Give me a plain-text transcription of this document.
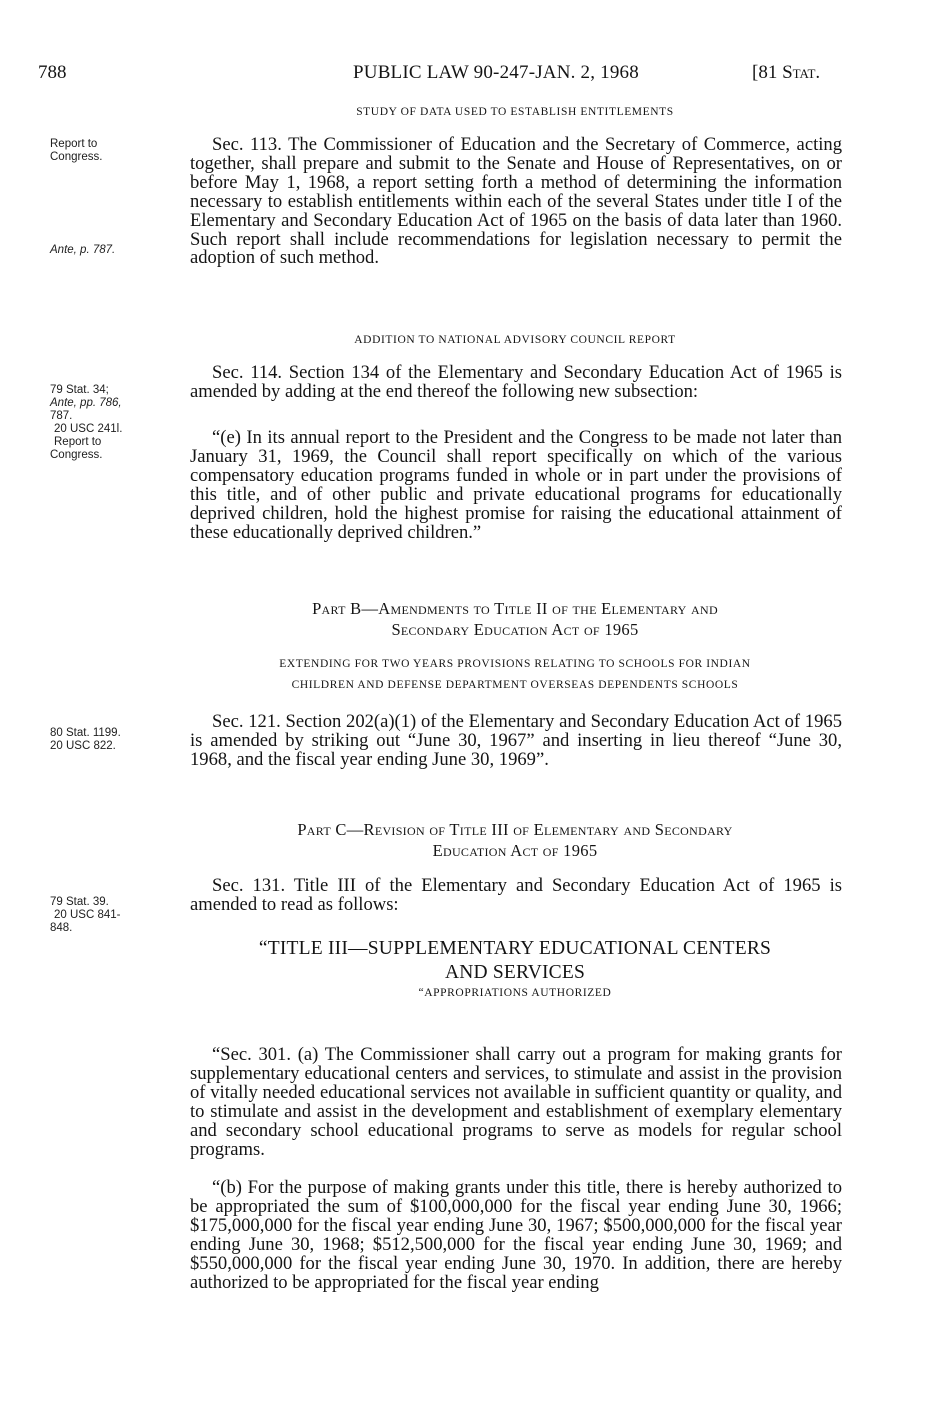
788	PUBLIC LAW 90-247-JAN. 2, 1968	[81 Stat.
STUDY OF DATA USED TO ESTABLISH ENTITLEMENTS

Sec. 113. The Commissioner of Education and the Secretary of Commerce, acting together, shall prepare and submit to the Senate and House of Representatives, on or before May 1, 1968, a report setting forth a method of determining the information necessary to establish entitlements within each of the several States under title I of the Elementary and Secondary Education Act of 1965 on the basis of data later than 1960. Such report shall include recommendations for legislation necessary to permit the adoption of such method.

ADDITION TO NATIONAL ADVISORY COUNCIL REPORT

Sec. 114. Section 134 of the Elementary and Secondary Education Act of 1965 is amended by adding at the end thereof the following new subsection:

“(e) In its annual report to the President and the Congress to be made not later than January 31, 1969, the Council shall report specifically on which of the various compensatory education programs funded in whole or in part under the provisions of this title, and of other public and private educational programs for educationally deprived children, hold the highest promise for raising the educational attainment of these educationally deprived children.”

Part B—Amendments to Title II of the Elementary and
Secondary Education Act of 1965
EXTENDING FOR TWO YEARS PROVISIONS RELATING TO SCHOOLS FOR INDIAN
CHILDREN AND DEFENSE DEPARTMENT OVERSEAS DEPENDENTS SCHOOLS

Sec. 121. Section 202(a)(1) of the Elementary and Secondary Education Act of 1965 is amended by striking out “June 30, 1967” and inserting in lieu thereof “June 30, 1968, and the fiscal year ending June 30, 1969”.

Part C—Revision of Title III of Elementary and Secondary
Education Act of 1965

Sec. 131. Title III of the Elementary and Secondary Education Act of 1965 is amended to read as follows:

“TITLE III—SUPPLEMENTARY EDUCATIONAL CENTERS
AND SERVICES
“APPROPRIATIONS AUTHORIZED

“Sec. 301. (a) The Commissioner shall carry out a program for making grants for supplementary educational centers and services, to stimulate and assist in the provision of vitally needed educational services not available in sufficient quantity or quality, and to stimulate and assist in the development and establishment of exemplary elementary and secondary school educational programs to serve as models for regular school programs.

“(b) For the purpose of making grants under this title, there is hereby authorized to be appropriated the sum of $100,000,000 for the fiscal year ending June 30, 1966; $175,000,000 for the fiscal year ending June 30, 1967; $500,000,000 for the fiscal year ending June 30, 1968; $512,500,000 for the fiscal year ending June 30, 1969; and $550,000,000 for the fiscal year ending June 30, 1970. In addition, there are hereby authorized to be appropriated for the fiscal year ending

Report to
Congress.
Ante, p. 787.
79 Stat. 34;
Ante, pp. 786,
787.
20 USC 241l.
Report to
Congress.
80 Stat. 1199.
20 USC 822.
79 Stat. 39.
20 USC 841-
848.
